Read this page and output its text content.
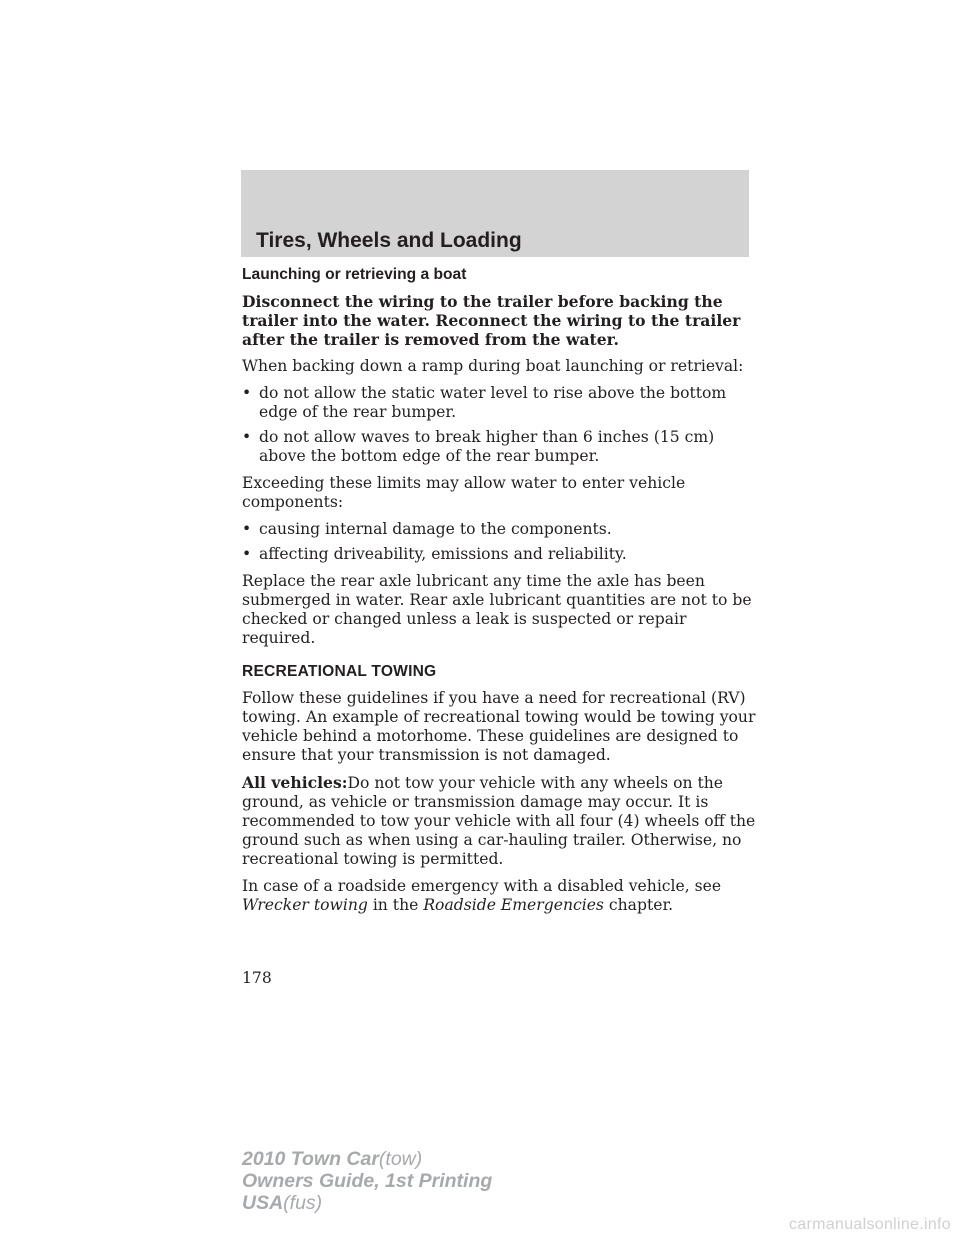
Tires, Wheels and Loading
Launching or retrieving a boat

Disconnect the wiring to the trailer before backing the trailer into the water. Reconnect the wiring to the trailer after the trailer is removed from the water.

When backing down a ramp during boat launching or retrieval:

• do not allow the static water level to rise above the bottom edge of the rear bumper.
• do not allow waves to break higher than 6 inches (15 cm) above the bottom edge of the rear bumper.

Exceeding these limits may allow water to enter vehicle components:

• causing internal damage to the components.
• affecting driveability, emissions and reliability.

Replace the rear axle lubricant any time the axle has been submerged in water. Rear axle lubricant quantities are not to be checked or changed unless a leak is suspected or repair required.

RECREATIONAL TOWING

Follow these guidelines if you have a need for recreational (RV) towing. An example of recreational towing would be towing your vehicle behind a motorhome. These guidelines are designed to ensure that your transmission is not damaged.

All vehicles:Do not tow your vehicle with any wheels on the ground, as vehicle or transmission damage may occur. It is recommended to tow your vehicle with all four (4) wheels off the ground such as when using a car-hauling trailer. Otherwise, no recreational towing is permitted.

In case of a roadside emergency with a disabled vehicle, see Wrecker towing in the Roadside Emergencies chapter.

178
2010 Town Car(tow)
Owners Guide, 1st Printing
USA(fus)
carmanualsonline.info
